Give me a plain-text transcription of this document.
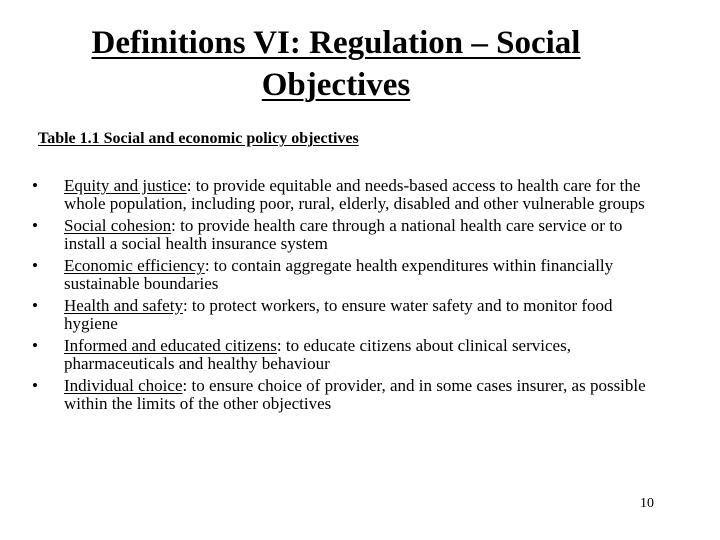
Definitions VI: Regulation – Social
Objectives
Table 1.1 Social and economic policy objectives
• Equity and justice: to provide equitable and needs-based access to health care for the whole population, including poor, rural, elderly, disabled and other vulnerable groups
• Social cohesion: to provide health care through a national health care service or to install a social health insurance system
• Economic efficiency: to contain aggregate health expenditures within financially sustainable boundaries
• Health and safety: to protect workers, to ensure water safety and to monitor food hygiene
• Informed and educated citizens: to educate citizens about clinical services, pharmaceuticals and healthy behaviour
• Individual choice: to ensure choice of provider, and in some cases insurer, as possible within the limits of the other objectives
10
